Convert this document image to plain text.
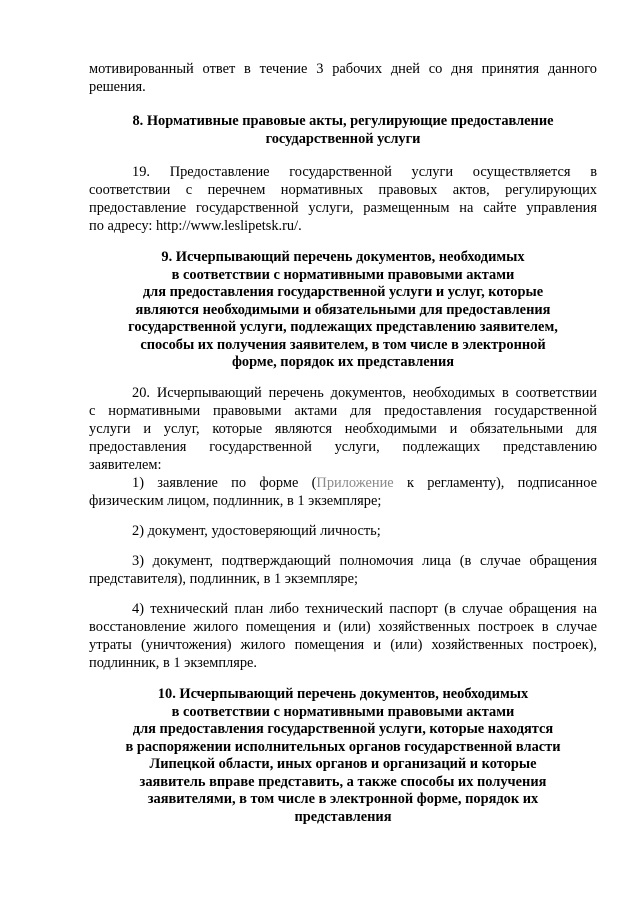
мотивированный ответ в течение 3 рабочих дней со дня принятия данного
решения.
8. Нормативные правовые акты, регулирующие предоставление
государственной услуги
19. Предоставление государственной услуги осуществляется в
соответствии с перечнем нормативных правовых актов, регулирующих
предоставление государственной услуги, размещенным на сайте управления
по адресу: http://www.leslipetsk.ru/.
9. Исчерпывающий перечень документов, необходимых
в соответствии с нормативными правовыми актами
для предоставления государственной услуги и услуг, которые
являются необходимыми и обязательными для предоставления
государственной услуги, подлежащих представлению заявителем,
способы их получения заявителем, в том числе в электронной
форме, порядок их представления
20. Исчерпывающий перечень документов, необходимых в соответствии
с нормативными правовыми актами для предоставления государственной
услуги и услуг, которые являются необходимыми и обязательными для
предоставления государственной услуги, подлежащих представлению
заявителем:
1) заявление по форме (Приложение к регламенту), подписанное
физическим лицом, подлинник, в 1 экземпляре;
2) документ, удостоверяющий личность;
3) документ, подтверждающий полномочия лица (в случае обращения
представителя), подлинник, в 1 экземпляре;
4) технический план либо технический паспорт (в случае обращения на
восстановление жилого помещения и (или) хозяйственных построек в случае
утраты (уничтожения) жилого помещения и (или) хозяйственных построек),
подлинник, в 1 экземпляре.
10. Исчерпывающий перечень документов, необходимых
в соответствии с нормативными правовыми актами
для предоставления государственной услуги, которые находятся
в распоряжении исполнительных органов государственной власти
Липецкой области, иных органов и организаций и которые
заявитель вправе представить, а также способы их получения
заявителями, в том числе в электронной форме, порядок их
представления
